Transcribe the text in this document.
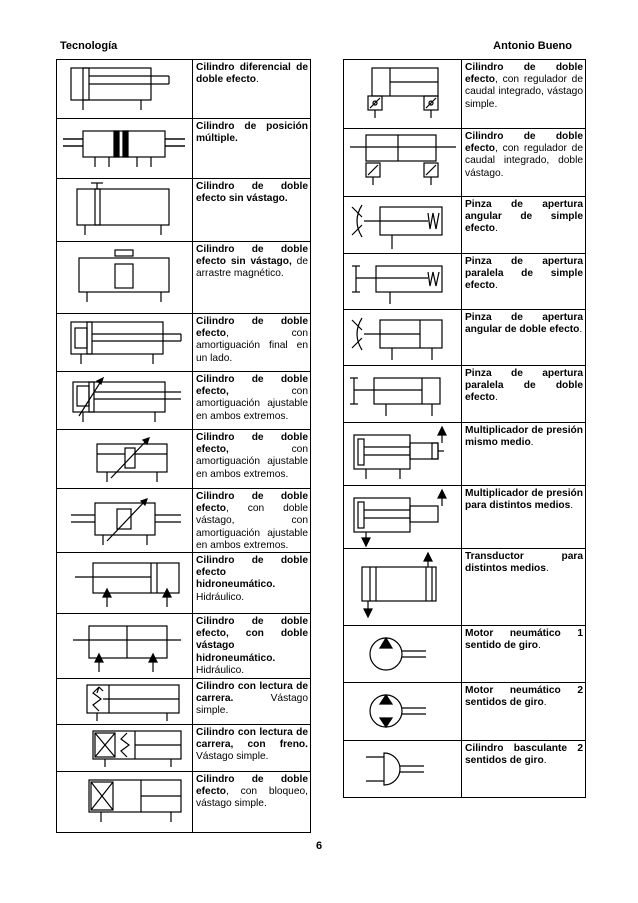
Tecnología	Antonio Bueno
	Cilindro diferencial de doble efecto.

	Cilindro de posición múltiple.

	Cilindro de doble efecto sin vástago.

	Cilindro de doble efecto sin vástago, de arrastre magnético.

	Cilindro de doble efecto, con amortiguación final en un lado.

	Cilindro de doble efecto, con amortiguación ajustable en ambos extremos.

	Cilindro de doble efecto, con amortiguación ajustable en ambos extremos.

	Cilindro de doble efecto, con doble vástago, con amortiguación ajustable en ambos extremos.

	Cilindro de doble efecto hidroneumático. Hidráulico.

	Cilindro de doble efecto, con doble vástago hidroneumático. Hidráulico.

	Cilindro con lectura de carrera. Vástago simple.

	Cilindro con lectura de carrera, con freno. Vástago simple.

	Cilindro de doble efecto, con bloqueo, vástago simple.
	Cilindro de doble efecto, con regulador de caudal integrado, vástago simple.

	Cilindro de doble efecto, con regulador de caudal integrado, doble vástago.

	Pinza de apertura angular de simple efecto.

	Pinza de apertura paralela de simple efecto.

	Pinza de apertura angular de doble efecto.

	Pinza de apertura paralela de doble efecto.

	Multiplicador de presión mismo medio.

	Multiplicador de presión para distintos medios.

	Transductor para distintos medios.

	Motor neumático 1 sentido de giro.

	Motor neumático 2 sentidos de giro.

	Cilindro basculante 2 sentidos de giro.
6
